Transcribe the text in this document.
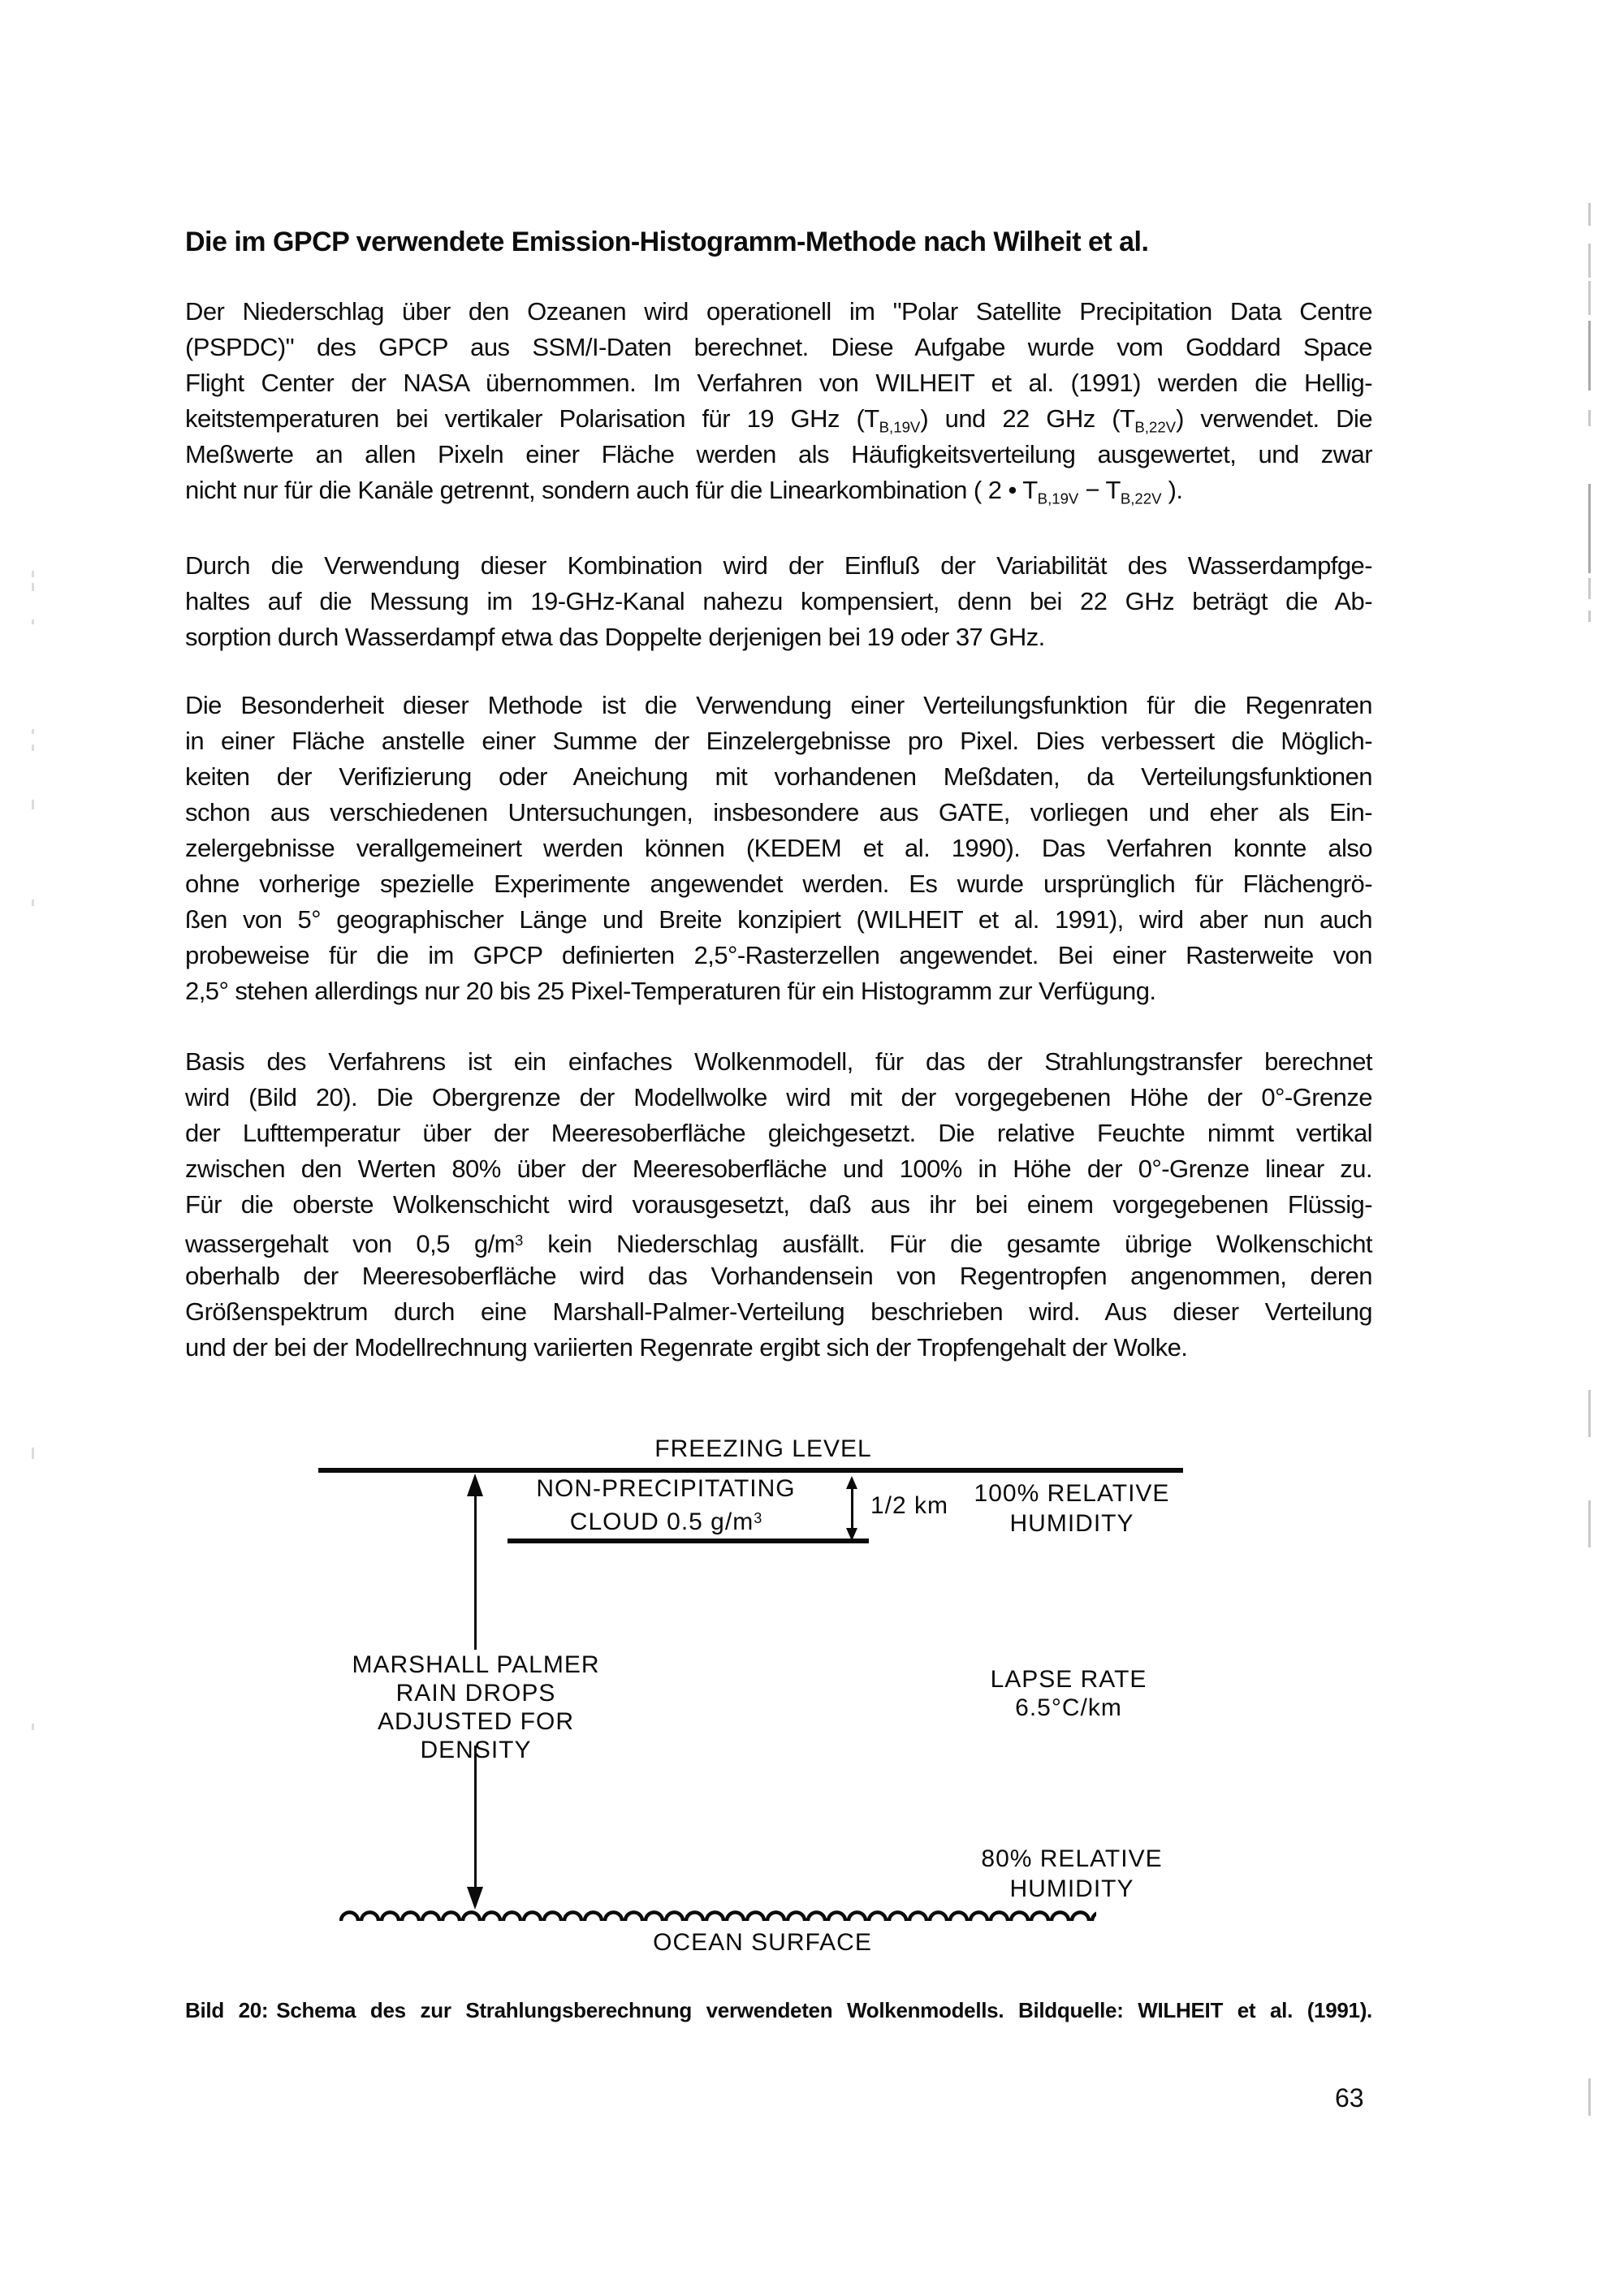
Die im GPCP verwendete Emission-Histogramm-Methode nach Wilheit et al.
Der Niederschlag über den Ozeanen wird operationell im "Polar Satellite Precipitation Data Centre
(PSPDC)" des GPCP aus SSM/I-Daten berechnet. Diese Aufgabe wurde vom Goddard Space
Flight Center der NASA übernommen. Im Verfahren von WILHEIT et al. (1991) werden die Hellig-
keitstemperaturen bei vertikaler Polarisation für 19 GHz $(T_{B,19V})$ und 22 GHz $(T_{B,22V})$ verwendet. Die
Meßwerte an allen Pixeln einer Fläche werden als Häufigkeitsverteilung ausgewertet, und zwar
nicht nur für die Kanäle getrennt, sondern auch für die Linearkombination ( 2 • $T_{B,19V} - T_{B,22V}$ ).
Durch die Verwendung dieser Kombination wird der Einfluß der Variabilität des Wasserdampfge-
haltes auf die Messung im 19-GHz-Kanal nahezu kompensiert, denn bei 22 GHz beträgt die Ab-
sorption durch Wasserdampf etwa das Doppelte derjenigen bei 19 oder 37 GHz.
Die Besonderheit dieser Methode ist die Verwendung einer Verteilungsfunktion für die Regenraten
in einer Fläche anstelle einer Summe der Einzelergebnisse pro Pixel. Dies verbessert die Möglich-
keiten der Verifizierung oder Aneichung mit vorhandenen Meßdaten, da Verteilungsfunktionen
schon aus verschiedenen Untersuchungen, insbesondere aus GATE, vorliegen und eher als Ein-
zelergebnisse verallgemeinert werden können (KEDEM et al. 1990). Das Verfahren konnte also
ohne vorherige spezielle Experimente angewendet werden. Es wurde ursprünglich für Flächengrö-
ßen von 5° geographischer Länge und Breite konzipiert (WILHEIT et al. 1991), wird aber nun auch
probeweise für die im GPCP definierten 2,5°-Rasterzellen angewendet. Bei einer Rasterweite von
2,5° stehen allerdings nur 20 bis 25 Pixel-Temperaturen für ein Histogramm zur Verfügung.
Basis des Verfahrens ist ein einfaches Wolkenmodell, für das der Strahlungstransfer berechnet
wird (Bild 20). Die Obergrenze der Modellwolke wird mit der vorgegebenen Höhe der 0°-Grenze
der Lufttemperatur über der Meeresoberfläche gleichgesetzt. Die relative Feuchte nimmt vertikal
zwischen den Werten 80% über der Meeresoberfläche und 100% in Höhe der 0°-Grenze linear zu.
Für die oberste Wolkenschicht wird vorausgesetzt, daß aus ihr bei einem vorgegebenen Flüssig-
wassergehalt von 0,5 $g/m^3$ kein Niederschlag ausfällt. Für die gesamte übrige Wolkenschicht
oberhalb der Meeresoberfläche wird das Vorhandensein von Regentropfen angenommen, deren
Größenspektrum durch eine Marshall-Palmer-Verteilung beschrieben wird. Aus dieser Verteilung
und der bei der Modellrechnung variierten Regenrate ergibt sich der Tropfengehalt der Wolke.
FREEZING LEVEL
NON-PRECIPITATING
CLOUD 0.5 $g/m^3$	1/2 km	100% RELATIVE
HUMIDITY
MARSHALL PALMER
RAIN DROPS
ADJUSTED FOR DENSITY
LAPSE RATE
6.5°C/km
80% RELATIVE
HUMIDITY
OCEAN SURFACE
Bild 20: Schema des zur Strahlungsberechnung verwendeten Wolkenmodells. Bildquelle: WILHEIT et al. (1991).
63
